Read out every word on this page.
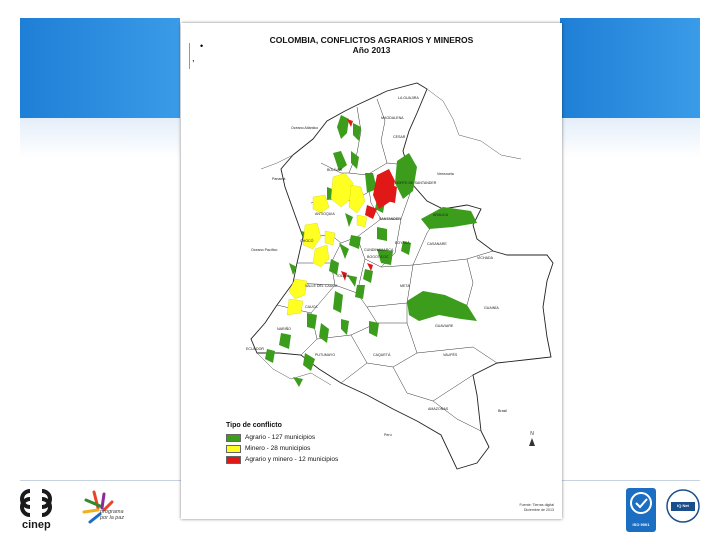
COLOMBIA, CONFLICTOS AGRARIOS Y MINEROS
Año 2013
•
,
LA GUAJIRA
MAGDALENA
Oceano Atlántico
CESAR
Venezuela
Panamá
BOLÍVAR
NORTE DE SANTANDER
ANTIOQUIA	ARAUCA
SANTANDER
CASANARE
CHOCÓ
Oceano Pacífico	CUNDINAMARCA
BOYACÁ
BOGOTÁ DC	VICHADA
TOLIMA
VALLE DEL CAUCA	META
GUAINÍA
CAUCA
GUAVIARE
NARIÑO
ECUADOR
PUTUMAYO	CAQUETÁ	VAUPÉS
AMAZONAS	Brasil
Perú	N
Tipo de conflicto
Agrario - 127 municipios
Minero - 28 municipios
Agrario y minero - 12 municipios
Fuente: Tierras digital
Diciembre de 2013
cinep
programa
por la paz
ISO 9001
IQ Net
